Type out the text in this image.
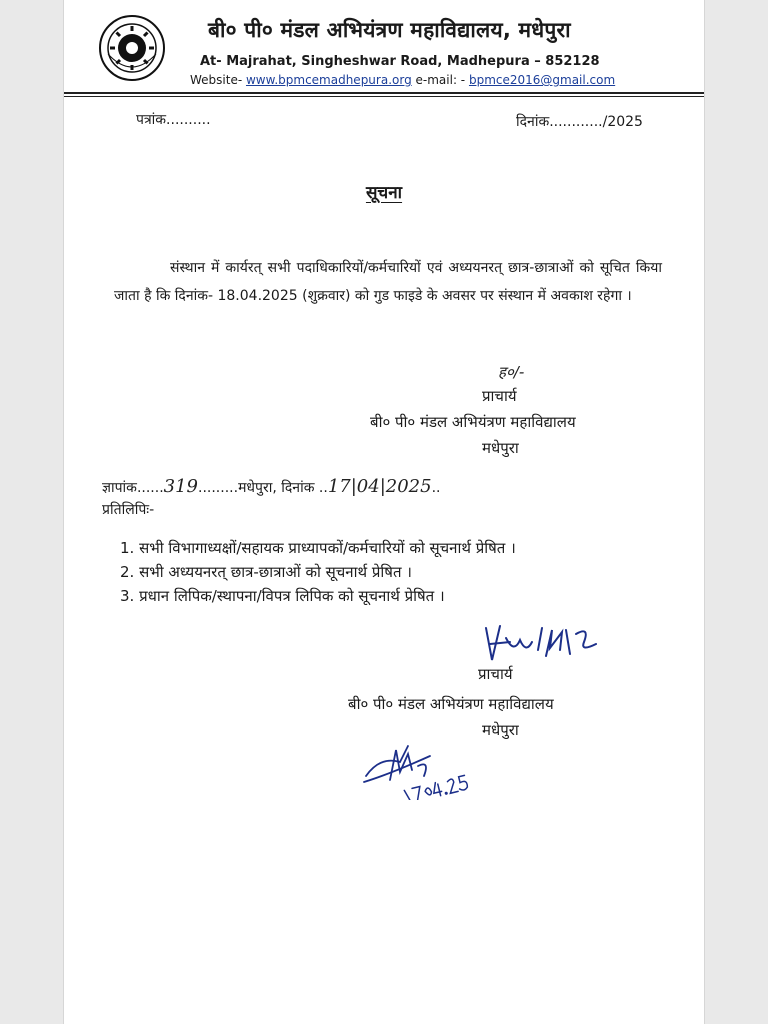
बी० पी० मंडल अभियंत्रण महाविद्यालय, मधेपुरा
At- Majrahat, Singheshwar Road, Madhepura – 852128
Website- www.bpmcemadhepura.org e-mail: - bpmce2016@gmail.com
पत्रांक..........	दिनांक............/2025
सूचना
संस्थान में कार्यरत् सभी पदाधिकारियों/कर्मचारियों एवं अध्ययनरत् छात्र-छात्राओं को सूचित किया जाता है कि दिनांक- 18.04.2025 (शुक्रवार) को गुड फाइडे के अवसर पर संस्थान में अवकाश रहेगा ।
ह०/-
प्राचार्य
बी० पी० मंडल अभियंत्रण महाविद्यालय
मधेपुरा
ज्ञापांक......319.........मधेपुरा, दिनांक ..17|04|2025..
प्रतिलिपिः-
1. सभी विभागाध्यक्षों/सहायक प्राध्यापकों/कर्मचारियों को सूचनार्थ प्रेषित ।
2. सभी अध्ययनरत् छात्र-छात्राओं को सूचनार्थ प्रेषित ।
3. प्रधान लिपिक/स्थापना/विपत्र लिपिक को सूचनार्थ प्रेषित ।
प्राचार्य
बी० पी० मंडल अभियंत्रण महाविद्यालय
मधेपुरा
